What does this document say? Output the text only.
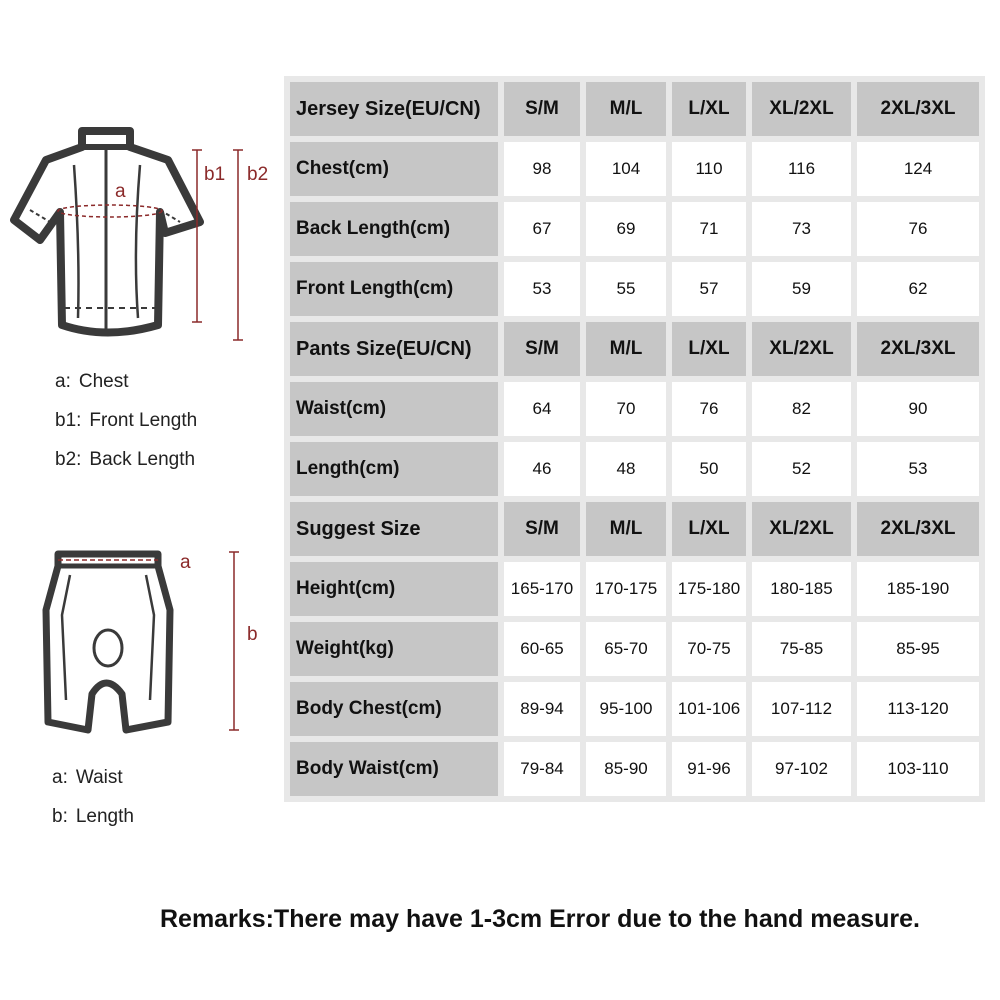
a
b1 b2
a: Chest
b1: Front Length
b2: Back Length
a
b
a: Waist
b: Length
Jersey Size(EU/CN)	S/M	M/L	L/XL	XL/2XL	2XL/3XL
Chest(cm)	98	104	110	116	124
Back Length(cm)	67	69	71	73	76
Front Length(cm)	53	55	57	59	62
Pants Size(EU/CN)	S/M	M/L	L/XL	XL/2XL	2XL/3XL
Waist(cm)	64	70	76	82	90
Length(cm)	46	48	50	52	53
Suggest Size	S/M	M/L	L/XL	XL/2XL	2XL/3XL
Height(cm)	165-170	170-175	175-180	180-185	185-190
Weight(kg)	60-65	65-70	70-75	75-85	85-95
Body Chest(cm)	89-94	95-100	101-106	107-112	113-120
Body Waist(cm)	79-84	85-90	91-96	97-102	103-110
Remarks:There may have 1-3cm Error due to the hand measure.
